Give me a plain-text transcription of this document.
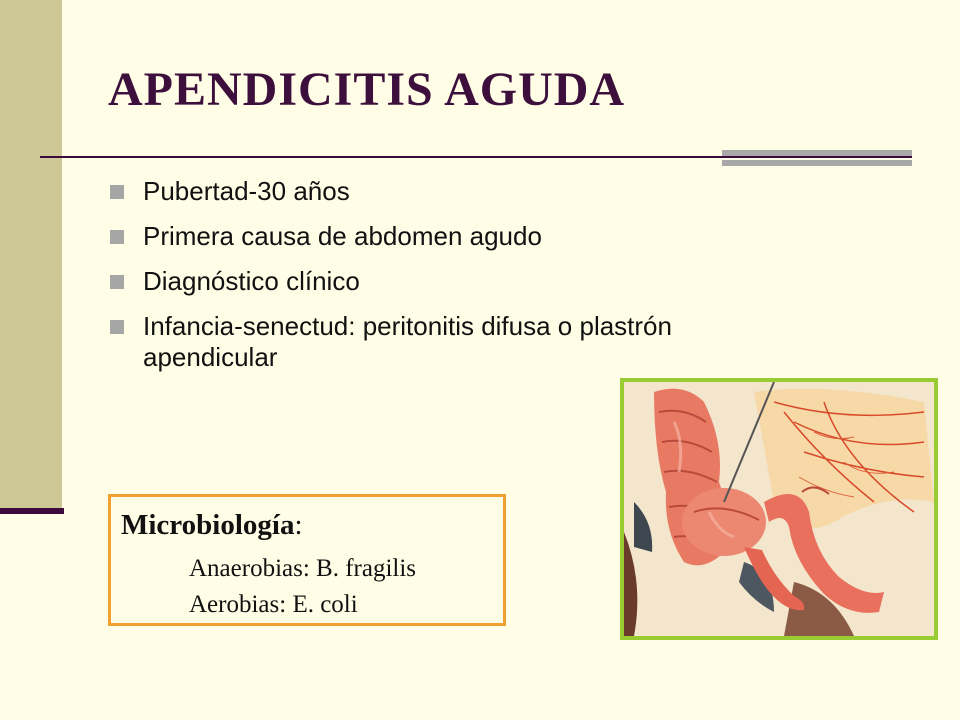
APENDICITIS AGUDA
Pubertad-30 años
Primera causa de abdomen agudo
Diagnóstico clínico
Infancia-senectud: peritonitis difusa o plastrón apendicular
Microbiología:
Anaerobias: B. fragilis
Aerobias: E. coli
